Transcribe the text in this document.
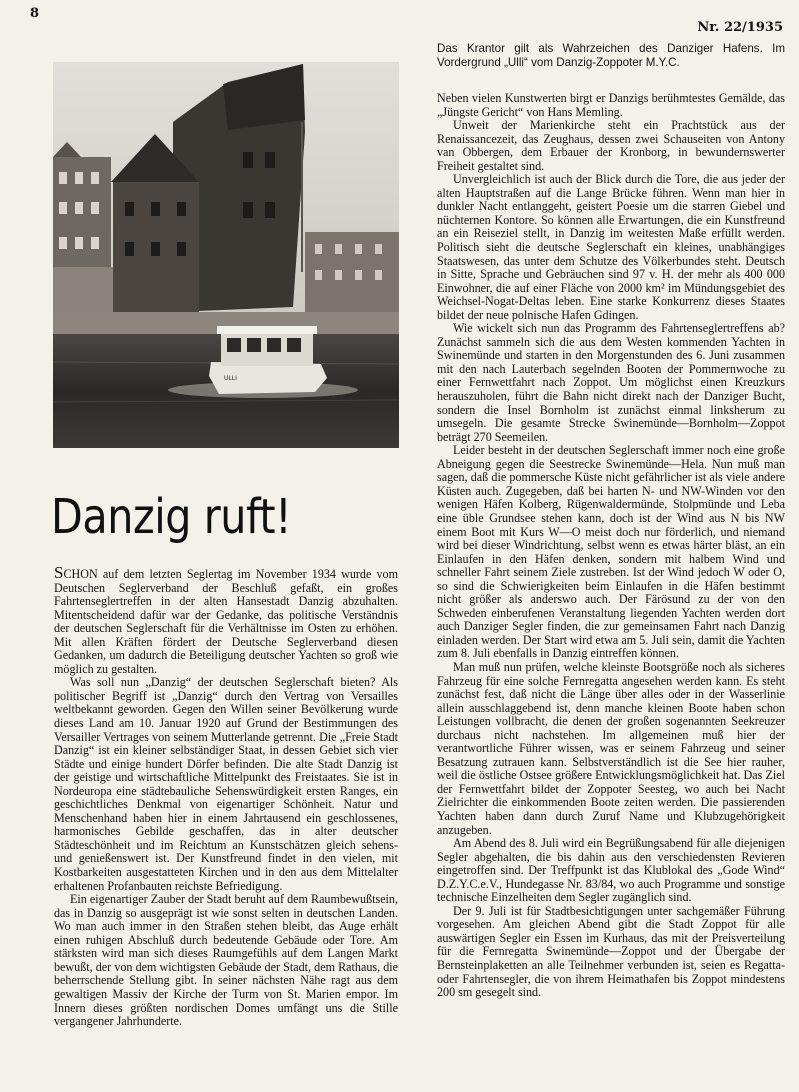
8
Nr. 22/1935
Das Krantor gilt als Wahrzeichen des Danziger Hafens. Im Vordergrund „Ulli“ vom Danzig-Zoppoter M.Y.C.
ULLI
Danzig ruft!

SCHON auf dem letzten Seglertag im November 1934 wurde vom Deutschen Seglerverband der Beschluß gefaßt, ein großes Fahrtenseglertreffen in der alten Hansestadt Danzig abzuhalten. Mitentscheidend dafür war der Gedanke, das politische Verständnis der deutschen Seglerschaft für die Verhältnisse im Osten zu erhöhen. Mit allen Kräften fördert der Deutsche Seglerverband diesen Gedanken, um dadurch die Beteiligung deutscher Yachten so groß wie möglich zu gestalten.

Was soll nun „Danzig“ der deutschen Seglerschaft bieten? Als politischer Begriff ist „Danzig“ durch den Vertrag von Versailles weltbekannt geworden. Gegen den Willen seiner Bevölkerung wurde dieses Land am 10. Januar 1920 auf Grund der Bestimmungen des Versailler Vertrages von seinem Mutterlande getrennt. Die „Freie Stadt Danzig“ ist ein kleiner selbständiger Staat, in dessen Gebiet sich vier Städte und einige hundert Dörfer befinden. Die alte Stadt Danzig ist der geistige und wirtschaftliche Mittelpunkt des Freistaates. Sie ist in Nordeuropa eine städtebauliche Sehenswürdigkeit ersten Ranges, ein geschichtliches Denkmal von eigenartiger Schönheit. Natur und Menschenhand haben hier in einem Jahrtausend ein geschlossenes, harmonisches Gebilde geschaffen, das in alter deutscher Städteschönheit und im Reichtum an Kunstschätzen gleich sehens- und genießenswert ist. Der Kunstfreund findet in den vielen, mit Kostbarkeiten ausgestatteten Kirchen und in den aus dem Mittelalter erhaltenen Profanbauten reichste Befriedigung.

Ein eigenartiger Zauber der Stadt beruht auf dem Raumbewußtsein, das in Danzig so ausgeprägt ist wie sonst selten in deutschen Landen. Wo man auch immer in den Straßen stehen bleibt, das Auge erhält einen ruhigen Abschluß durch bedeutende Gebäude oder Tore. Am stärksten wird man sich dieses Raumgefühls auf dem Langen Markt bewußt, der von dem wichtigsten Gebäude der Stadt, dem Rathaus, die beherrschende Stellung gibt. In seiner nächsten Nähe ragt aus dem gewaltigen Massiv der Kirche der Turm von St. Marien empor. Im Innern dieses größten nordischen Domes umfängt uns die Stille vergangener Jahrhunderte.

Neben vielen Kunstwerten birgt er Danzigs berühmtestes Gemälde, das „Jüngste Gericht“ von Hans Memling.

Unweit der Marienkirche steht ein Prachtstück aus der Renaissancezeit, das Zeughaus, dessen zwei Schauseiten von Antony van Obbergen, dem Erbauer der Kronborg, in bewundernswerter Freiheit gestaltet sind.

Unvergleichlich ist auch der Blick durch die Tore, die aus jeder der alten Hauptstraßen auf die Lange Brücke führen. Wenn man hier in dunkler Nacht entlanggeht, geistert Poesie um die starren Giebel und nüchternen Kontore. So können alle Erwartungen, die ein Kunstfreund an ein Reiseziel stellt, in Danzig im weitesten Maße erfüllt werden. Politisch sieht die deutsche Seglerschaft ein kleines, unabhängiges Staatswesen, das unter dem Schutze des Völkerbundes steht. Deutsch in Sitte, Sprache und Gebräuchen sind 97 v. H. der mehr als 400 000 Einwohner, die auf einer Fläche von 2000 km² im Mündungsgebiet des Weichsel-Nogat-Deltas leben. Eine starke Konkurrenz dieses Staates bildet der neue polnische Hafen Gdingen.

Wie wickelt sich nun das Programm des Fahrtenseglertreffens ab? Zunächst sammeln sich die aus dem Westen kommenden Yachten in Swinemünde und starten in den Morgenstunden des 6. Juni zusammen mit den nach Lauterbach segelnden Booten der Pommernwoche zu einer Fernwettfahrt nach Zoppot. Um möglichst einen Kreuzkurs herauszuholen, führt die Bahn nicht direkt nach der Danziger Bucht, sondern die Insel Bornholm ist zunächst einmal linksherum zu umsegeln. Die gesamte Strecke Swinemünde—Bornholm—Zoppot beträgt 270 Seemeilen.

Leider besteht in der deutschen Seglerschaft immer noch eine große Abneigung gegen die Seestrecke Swinemünde—Hela. Nun muß man sagen, daß die pommersche Küste nicht gefährlicher ist als viele andere Küsten auch. Zugegeben, daß bei harten N- und NW-Winden vor den wenigen Häfen Kolberg, Rügenwaldermünde, Stolpmünde und Leba eine üble Grundsee stehen kann, doch ist der Wind aus N bis NW einem Boot mit Kurs W—O meist doch nur förderlich, und niemand wird bei dieser Windrichtung, selbst wenn es etwas härter bläst, an ein Einlaufen in den Häfen denken, sondern mit halbem Wind und schneller Fahrt seinem Ziele zustreben. Ist der Wind jedoch W oder O, so sind die Schwierigkeiten beim Einlaufen in die Häfen bestimmt nicht größer als anderswo auch. Der Färösund zu der von den Schweden einberufenen Veranstaltung liegenden Yachten werden dort auch Danziger Segler finden, die zur gemeinsamen Fahrt nach Danzig einladen werden. Der Start wird etwa am 5. Juli sein, damit die Yachten zum 8. Juli ebenfalls in Danzig eintreffen können.

Man muß nun prüfen, welche kleinste Bootsgröße noch als sicheres Fahrzeug für eine solche Fernregatta angesehen werden kann. Es steht zunächst fest, daß nicht die Länge über alles oder in der Wasserlinie allein ausschlaggebend ist, denn manche kleinen Boote haben schon Leistungen vollbracht, die denen der großen sogenannten Seekreuzer durchaus nicht nachstehen. Im allgemeinen muß hier der verantwortliche Führer wissen, was er seinem Fahrzeug und seiner Besatzung zutrauen kann. Selbstverständlich ist die See hier rauher, weil die östliche Ostsee größere Entwicklungsmöglichkeit hat. Das Ziel der Fernwettfahrt bildet der Zoppoter Seesteg, wo auch bei Nacht Zielrichter die einkommenden Boote zeiten werden. Die passierenden Yachten haben dann durch Zuruf Name und Klubzugehörigkeit anzugeben.

Am Abend des 8. Juli wird ein Begrüßungsabend für alle diejenigen Segler abgehalten, die bis dahin aus den verschiedensten Revieren eingetroffen sind. Der Treffpunkt ist das Klublokal des „Gode Wind“ D.Z.Y.C.e.V., Hundegasse Nr. 83/84, wo auch Programme und sonstige technische Einzelheiten dem Segler zugänglich sind.

Der 9. Juli ist für Stadtbesichtigungen unter sachgemäßer Führung vorgesehen. Am gleichen Abend gibt die Stadt Zoppot für alle auswärtigen Segler ein Essen im Kurhaus, das mit der Preisverteilung für die Fernregatta Swinemünde—Zoppot und der Übergabe der Bernsteinplaketten an alle Teilnehmer verbunden ist, seien es Regatta- oder Fahrtensegler, die von ihrem Heimathafen bis Zoppot mindestens 200 sm gesegelt sind.
